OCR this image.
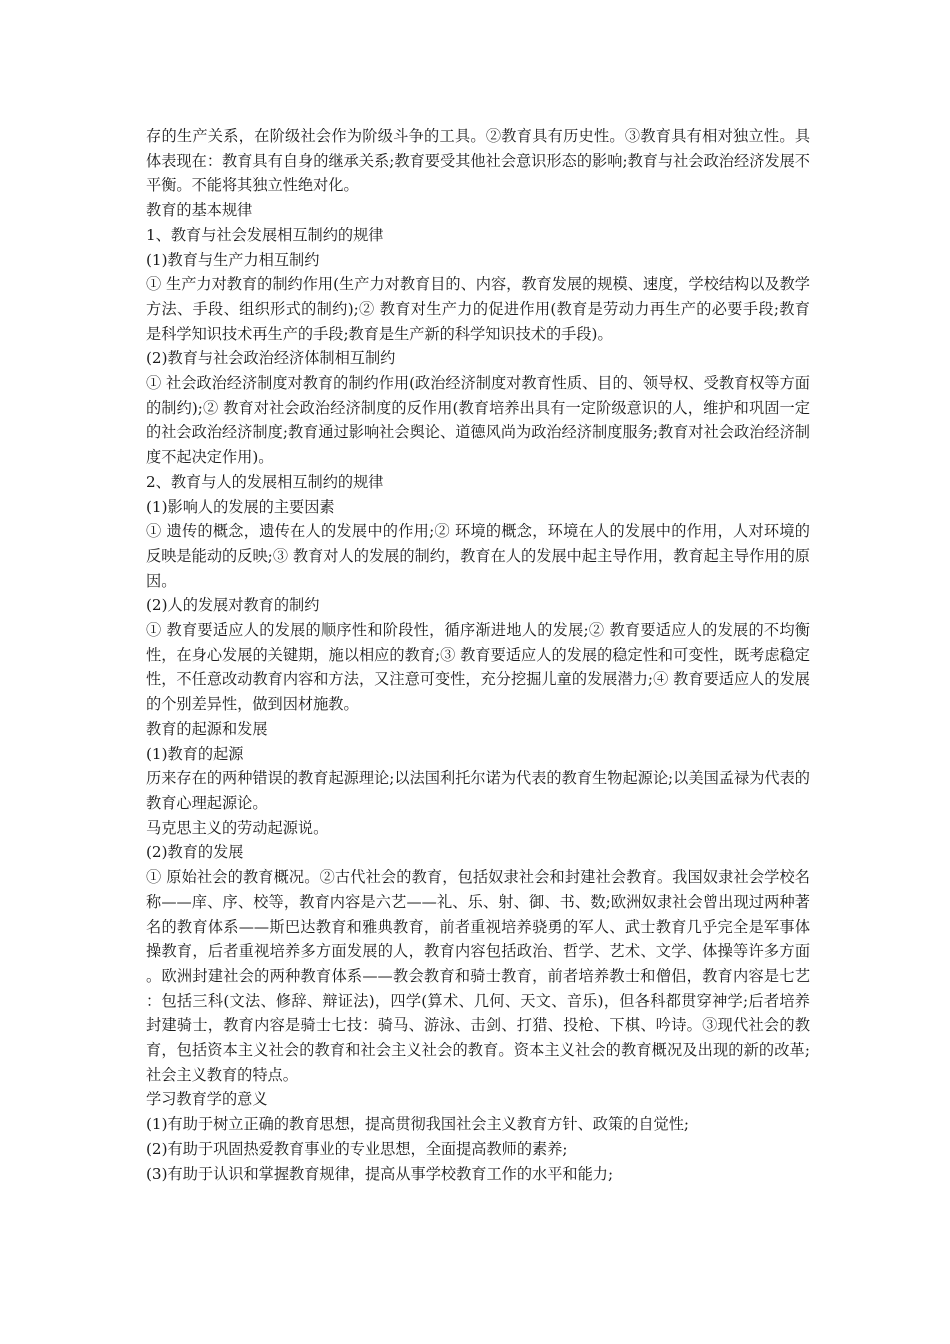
存的生产关系，在阶级社会作为阶级斗争的工具。②教育具有历史性。③教育具有相对独立性。具体表现在：教育具有自身的继承关系;教育要受其他社会意识形态的影响;教育与社会政治经济发展不平衡。不能将其独立性绝对化。

教育的基本规律

1、教育与社会发展相互制约的规律

(1)教育与生产力相互制约

① 生产力对教育的制约作用(生产力对教育目的、内容，教育发展的规模、速度，学校结构以及教学方法、手段、组织形式的制约);② 教育对生产力的促进作用(教育是劳动力再生产的必要手段;教育是科学知识技术再生产的手段;教育是生产新的科学知识技术的手段)。

(2)教育与社会政治经济体制相互制约

① 社会政治经济制度对教育的制约作用(政治经济制度对教育性质、目的、领导权、受教育权等方面的制约);② 教育对社会政治经济制度的反作用(教育培养出具有一定阶级意识的人，维护和巩固一定的社会政治经济制度;教育通过影响社会舆论、道德风尚为政治经济制度服务;教育对社会政治经济制度不起决定作用)。

2、教育与人的发展相互制约的规律

(1)影响人的发展的主要因素

① 遗传的概念，遗传在人的发展中的作用;② 环境的概念，环境在人的发展中的作用，人对环境的反映是能动的反映;③ 教育对人的发展的制约，教育在人的发展中起主导作用，教育起主导作用的原因。

(2)人的发展对教育的制约

① 教育要适应人的发展的顺序性和阶段性，循序渐进地人的发展;② 教育要适应人的发展的不均衡性，在身心发展的关键期，施以相应的教育;③ 教育要适应人的发展的稳定性和可变性，既考虑稳定性，不任意改动教育内容和方法，又注意可变性，充分挖掘儿童的发展潜力;④ 教育要适应人的发展的个别差异性，做到因材施教。

教育的起源和发展

(1)教育的起源

历来存在的两种错误的教育起源理论;以法国利托尔诺为代表的教育生物起源论;以美国孟禄为代表的教育心理起源论。

马克思主义的劳动起源说。

(2)教育的发展

① 原始社会的教育概况。②古代社会的教育，包括奴隶社会和封建社会教育。我国奴隶社会学校名称——庠、序、校等，教育内容是六艺——礼、乐、射、御、书、数;欧洲奴隶社会曾出现过两种著名的教育体系——斯巴达教育和雅典教育，前者重视培养骁勇的军人、武士教育几乎完全是军事体操教育，后者重视培养多方面发展的人，教育内容包括政治、哲学、艺术、文学、体操等许多方面。欧洲封建社会的两种教育体系——教会教育和骑士教育，前者培养教士和僧侣，教育内容是七艺：包括三科(文法、修辞、辩证法)，四学(算术、几何、天文、音乐)，但各科都贯穿神学;后者培养封建骑士，教育内容是骑士七技：骑马、游泳、击剑、打猎、投枪、下棋、吟诗。③现代社会的教育，包括资本主义社会的教育和社会主义社会的教育。资本主义社会的教育概况及出现的新的改革;社会主义教育的特点。

学习教育学的意义

(1)有助于树立正确的教育思想，提高贯彻我国社会主义教育方针、政策的自觉性;

(2)有助于巩固热爱教育事业的专业思想，全面提高教师的素养;

(3)有助于认识和掌握教育规律，提高从事学校教育工作的水平和能力;
